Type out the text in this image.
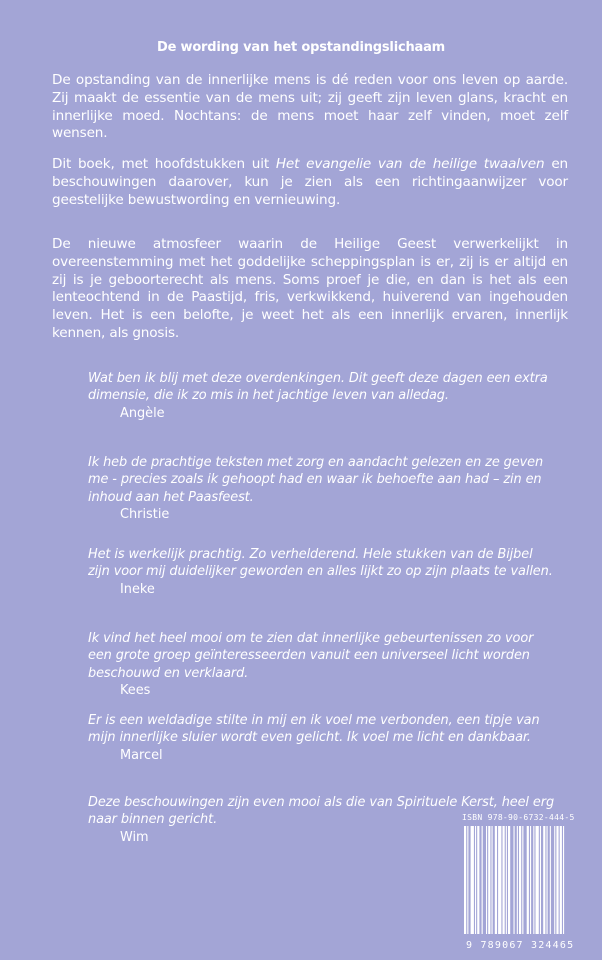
De wording van het opstandingslichaam

De opstanding van de innerlijke mens is dé reden voor ons leven op aarde. Zij maakt de essentie van de mens uit; zij geeft zijn leven glans, kracht en innerlijke moed. Nochtans: de mens moet haar zelf vinden, moet zelf wensen.

Dit boek, met hoofdstukken uit Het evangelie van de heilige twaalven en beschouwingen daarover, kun je zien als een richtingaanwijzer voor geestelijke bewustwording en vernieuwing.

De nieuwe atmosfeer waarin de Heilige Geest verwerkelijkt in overeenstemming met het goddelijke scheppingsplan is er, zij is er altijd en zij is je geboorterecht als mens. Soms proef je die, en dan is het als een lenteochtend in de Paastijd, fris, verkwikkend, huiverend van ingehouden leven. Het is een belofte, je weet het als een innerlijk ervaren, innerlijk kennen, als gnosis.

Wat ben ik blij met deze overdenkingen. Dit geeft deze dagen een extra dimensie, die ik zo mis in het jachtige leven van alledag.

Angèle

Ik heb de prachtige teksten met zorg en aandacht gelezen en ze geven me - precies zoals ik gehoopt had en waar ik behoefte aan had – zin en inhoud aan het Paasfeest.

Christie

Het is werkelijk prachtig. Zo verhelderend. Hele stukken van de Bijbel zijn voor mij duidelijker geworden en alles lijkt zo op zijn plaats te vallen.

Ineke

Ik vind het heel mooi om te zien dat innerlijke gebeurtenissen zo voor een grote groep geïnteresseerden vanuit een universeel licht worden beschouwd en verklaard.

Kees

Er is een weldadige stilte in mij en ik voel me verbonden, een tipje van mijn innerlijke sluier wordt even gelicht. Ik voel me licht en dankbaar.

Marcel

Deze beschouwingen zijn even mooi als die van Spirituele Kerst, heel erg naar binnen gericht.

Wim

ISBN 978-90-6732-444-5
9 789067 324465
